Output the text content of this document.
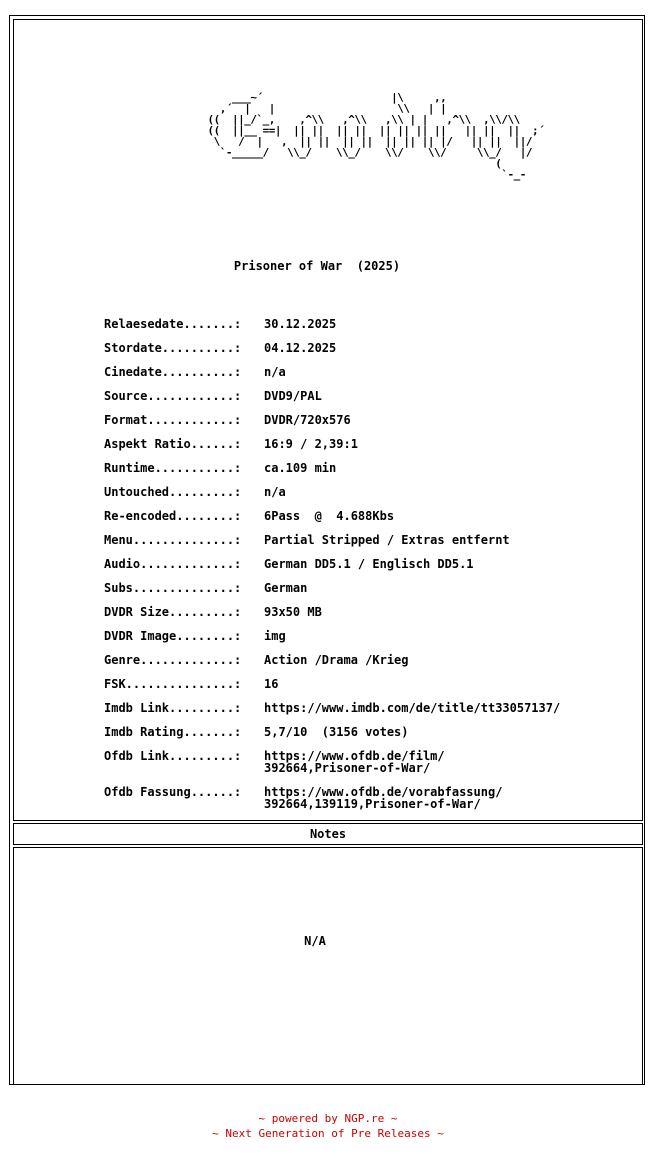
___~´                     |\     ,,
,´  |   |                    \\   | |
((  ||_/`_,    ,^\\   ,^\\   ,\\ | |   ,^\\  ,\\/\\
((  ||__ ==|  || ||  || ||  || || || ||   || ||  ||  ;´
\   /  |   ,  || ||  || ||  || || || |/   || ||  ||/
`-_____/   \\_/    \\_/    \\/    \\/     \\_/   |/
(
`-_-
Prisoner of War  (2025)
Relaesedate.......:	30.12.2025
Stordate..........:	04.12.2025
Cinedate..........:	n/a
Source............:	DVD9/PAL
Format............:	DVDR/720x576
Aspekt Ratio......:	16:9 / 2,39:1
Runtime...........:	ca.109 min
Untouched.........:	n/a
Re-encoded........:	6Pass  @  4.688Kbs
Menu..............:	Partial Stripped / Extras entfernt
Audio.............:	German DD5.1 / Englisch DD5.1
Subs..............:	German
DVDR Size.........:	93x50 MB
DVDR Image........:	img
Genre.............:	Action /Drama /Krieg
FSK...............:	16
Imdb Link.........:	https://www.imdb.com/de/title/tt33057137/
Imdb Rating.......:	5,7/10  (3156 votes)
Ofdb Link.........:	https://www.ofdb.de/film/
392664,Prisoner-of-War/
Ofdb Fassung......:	https://www.ofdb.de/vorabfassung/
392664,139119,Prisoner-of-War/
Notes
N/A
~ powered by NGP.re ~
~ Next Generation of Pre Releases ~
